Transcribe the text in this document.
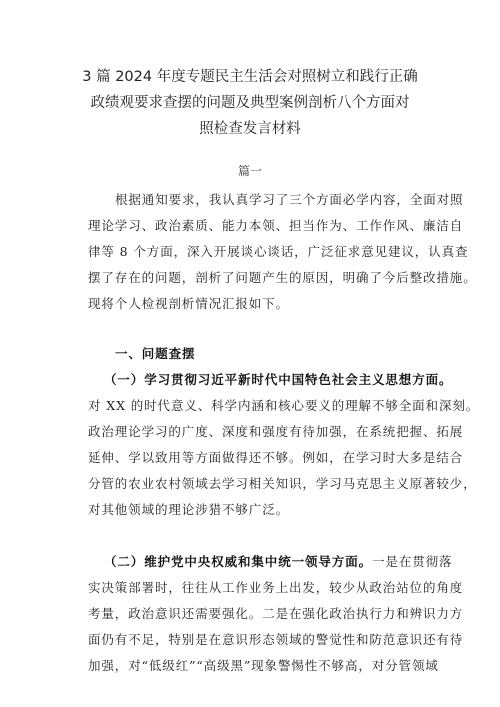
3 篇 2024 年度专题民主生活会对照树立和践行正确
政绩观要求查摆的问题及典型案例剖析八个方面对
照检查发言材料
篇一
根据通知要求，我认真学习了三个方面必学内容，全面对照
理论学习、政治素质、能力本领、担当作为、工作作风、廉洁自
律等 8 个方面，深入开展谈心谈话，广泛征求意见建议，认真查
摆了存在的问题，剖析了问题产生的原因，明确了今后整改措施。
现将个人检视剖析情况汇报如下。
一、问题查摆
（一）学习贯彻习近平新时代中国特色社会主义思想方面。
对 XX 的时代意义、科学内涵和核心要义的理解不够全面和深刻。
政治理论学习的广度、深度和强度有待加强，在系统把握、拓展
延伸、学以致用等方面做得还不够。例如，在学习时大多是结合
分管的农业农村领域去学习相关知识，学习马克思主义原著较少，
对其他领域的理论涉猎不够广泛。
（二）维护党中央权威和集中统一领导方面。一是在贯彻落
实决策部署时，往往从工作业务上出发，较少从政治站位的角度
考量，政治意识还需要强化。二是在强化政治执行力和辨识力方
面仍有不足，特别是在意识形态领域的警觉性和防范意识还有待
加强，对“低级红”“高级黑”现象警惕性不够高，对分管领域
